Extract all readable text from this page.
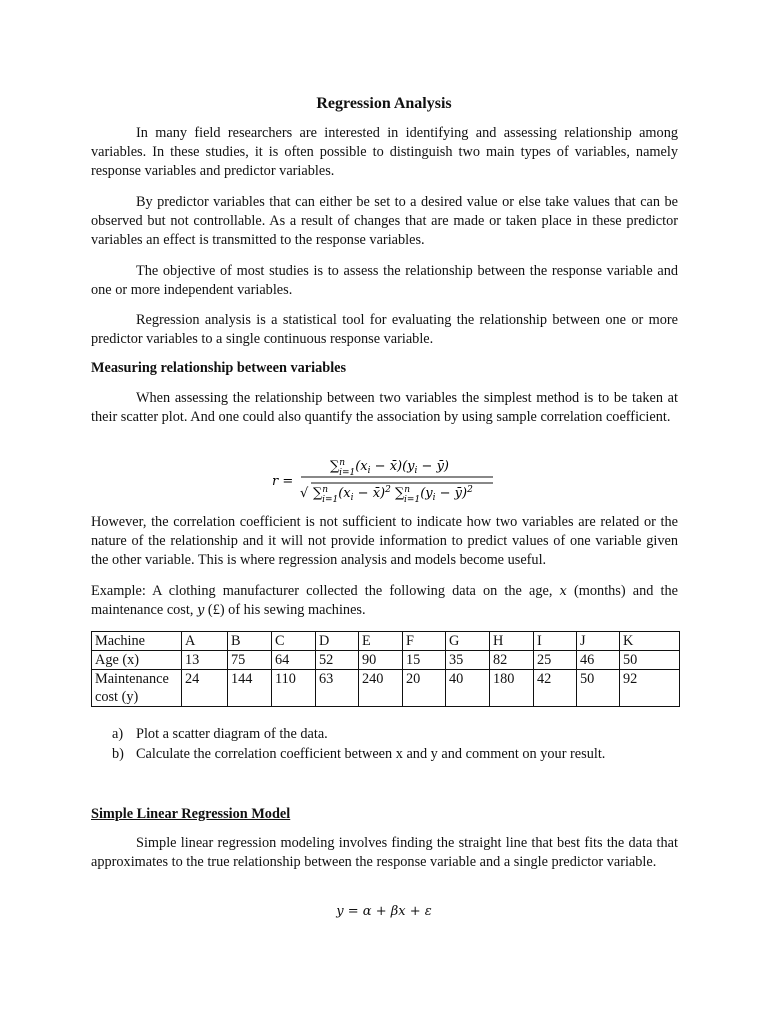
Regression Analysis

In many field researchers are interested in identifying and assessing relationship among variables. In these studies, it is often possible to distinguish two main types of variables, namely response variables and predictor variables.

By predictor variables that can either be set to a desired value or else take values that can be observed but not controllable. As a result of changes that are made or taken place in these predictor variables an effect is transmitted to the response variables.

The objective of most studies is to assess the relationship between the response variable and one or more independent variables.

Regression analysis is a statistical tool for evaluating the relationship between one or more predictor variables to a single continuous response variable.

Measuring relationship between variables

When assessing the relationship between two variables the simplest method is to be taken at their scatter plot. And one could also quantify the association by using sample correlation coefficient.

r =
∑$^n$ $i=1(x_i$ − $x̄)(y_i$ − ȳ)
√ ∑$^n$ $i=1(x_i$ − x̄)$^2$ ∑$^n$ $i=1(y_i$ − ȳ)$^2$

However, the correlation coefficient is not sufficient to indicate how two variables are related or the nature of the relationship and it will not provide information to predict values of one variable given the other variable. This is where regression analysis and models become useful.

Example: A clothing manufacturer collected the following data on the age, x (months) and the maintenance cost, y (£) of his sewing machines.

Machine	A	B	C	D	E	F	G	H	I	J	K
Age (x)	13	75	64	52	90	15	35	82	25	46	50
Maintenance cost (y)	24	144	110	63	240	20	40	180	42	50	92
a) Plot a scatter diagram of the data.
b) Calculate the correlation coefficient between x and y and comment on your result.
Simple Linear Regression Model

Simple linear regression modeling involves finding the straight line that best fits the data that approximates to the true relationship between the response variable and a single predictor variable.

y = α + βx + ε
